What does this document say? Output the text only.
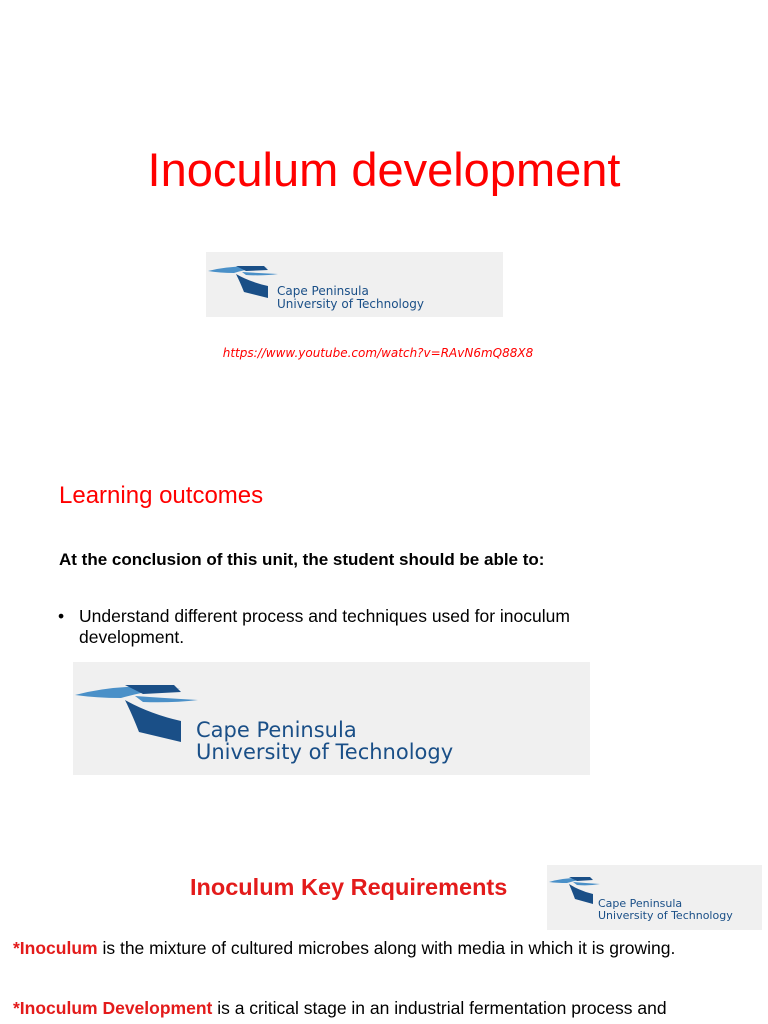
Inoculum development
Cape Peninsula
University of Technology
https://www.youtube.com/watch?v=RAvN6mQ88X8
Learning outcomes
At the conclusion of this unit, the student should be able to:
• Understand different process and techniques used for inoculum
development.
Cape Peninsula
University of Technology
Inoculum Key Requirements
Cape Peninsula
University of Technology
*Inoculum is the mixture of cultured microbes along with media in which it is growing.
*Inoculum Development is a critical stage in an industrial fermentation process and
